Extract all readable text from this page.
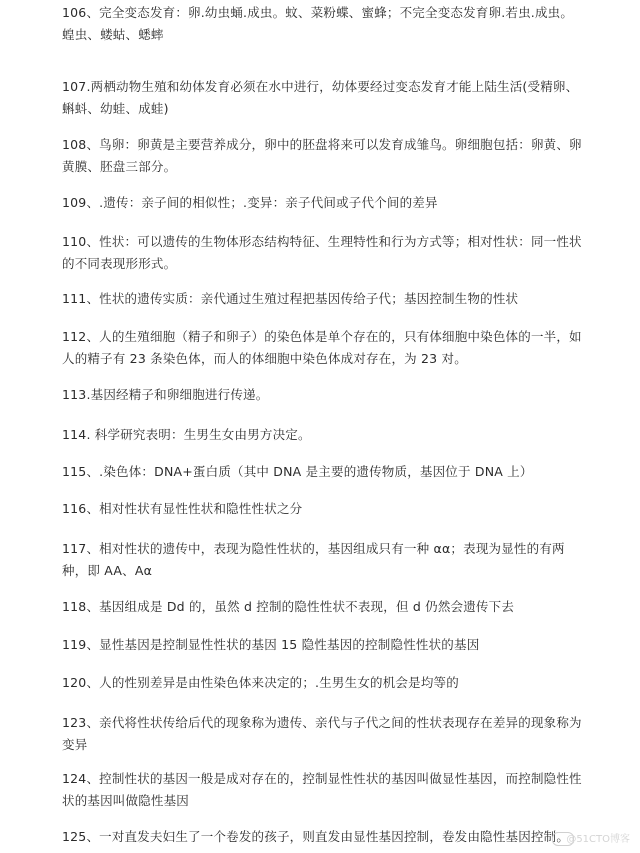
106、完全变态发育：卵.幼虫蛹.成虫。蚊、菜粉蝶、蜜蜂；不完全变态发育卵.若虫.成虫。蝗虫、蝼蛄、蟋蟀
107.两栖动物生殖和幼体发育必须在水中进行，幼体要经过变态发育才能上陆生活(受精卵、蝌蚪、幼蛙、成蛙)
108、鸟卵：卵黄是主要营养成分，卵中的胚盘将来可以发育成雏鸟。卵细胞包括：卵黄、卵黄膜、胚盘三部分。
109、.遗传：亲子间的相似性；.变异：亲子代间或子代个间的差异
110、性状：可以遗传的生物体形态结构特征、生理特性和行为方式等；相对性状：同一性状的不同表现形形式。
111、性状的遗传实质：亲代通过生殖过程把基因传给子代；基因控制生物的性状
112、人的生殖细胞（精子和卵子）的染色体是单个存在的，只有体细胞中染色体的一半，如人的精子有 23 条染色体，而人的体细胞中染色体成对存在，为 23 对。
113.基因经精子和卵细胞进行传递。
114. 科学研究表明：生男生女由男方决定。
115、.染色体：DNA+蛋白质（其中 DNA 是主要的遗传物质，基因位于 DNA 上）
116、相对性状有显性性状和隐性性状之分
117、相对性状的遗传中，表现为隐性性状的，基因组成只有一种 αα；表现为显性的有两种，即 AA、Aα
118、基因组成是 Dd 的，虽然 d 控制的隐性性状不表现，但 d 仍然会遗传下去
119、显性基因是控制显性性状的基因 15 隐性基因的控制隐性性状的基因
120、人的性别差异是由性染色体来决定的；.生男生女的机会是均等的
123、亲代将性状传给后代的现象称为遗传、亲代与子代之间的性状表现存在差异的现象称为变异
124、控制性状的基因一般是成对存在的，控制显性性状的基因叫做显性基因，而控制隐性性状的基因叫做隐性基因
125、一对直发夫妇生了一个卷发的孩子，则直发由显性基因控制，卷发由隐性基因控制。
@51CTO博客
